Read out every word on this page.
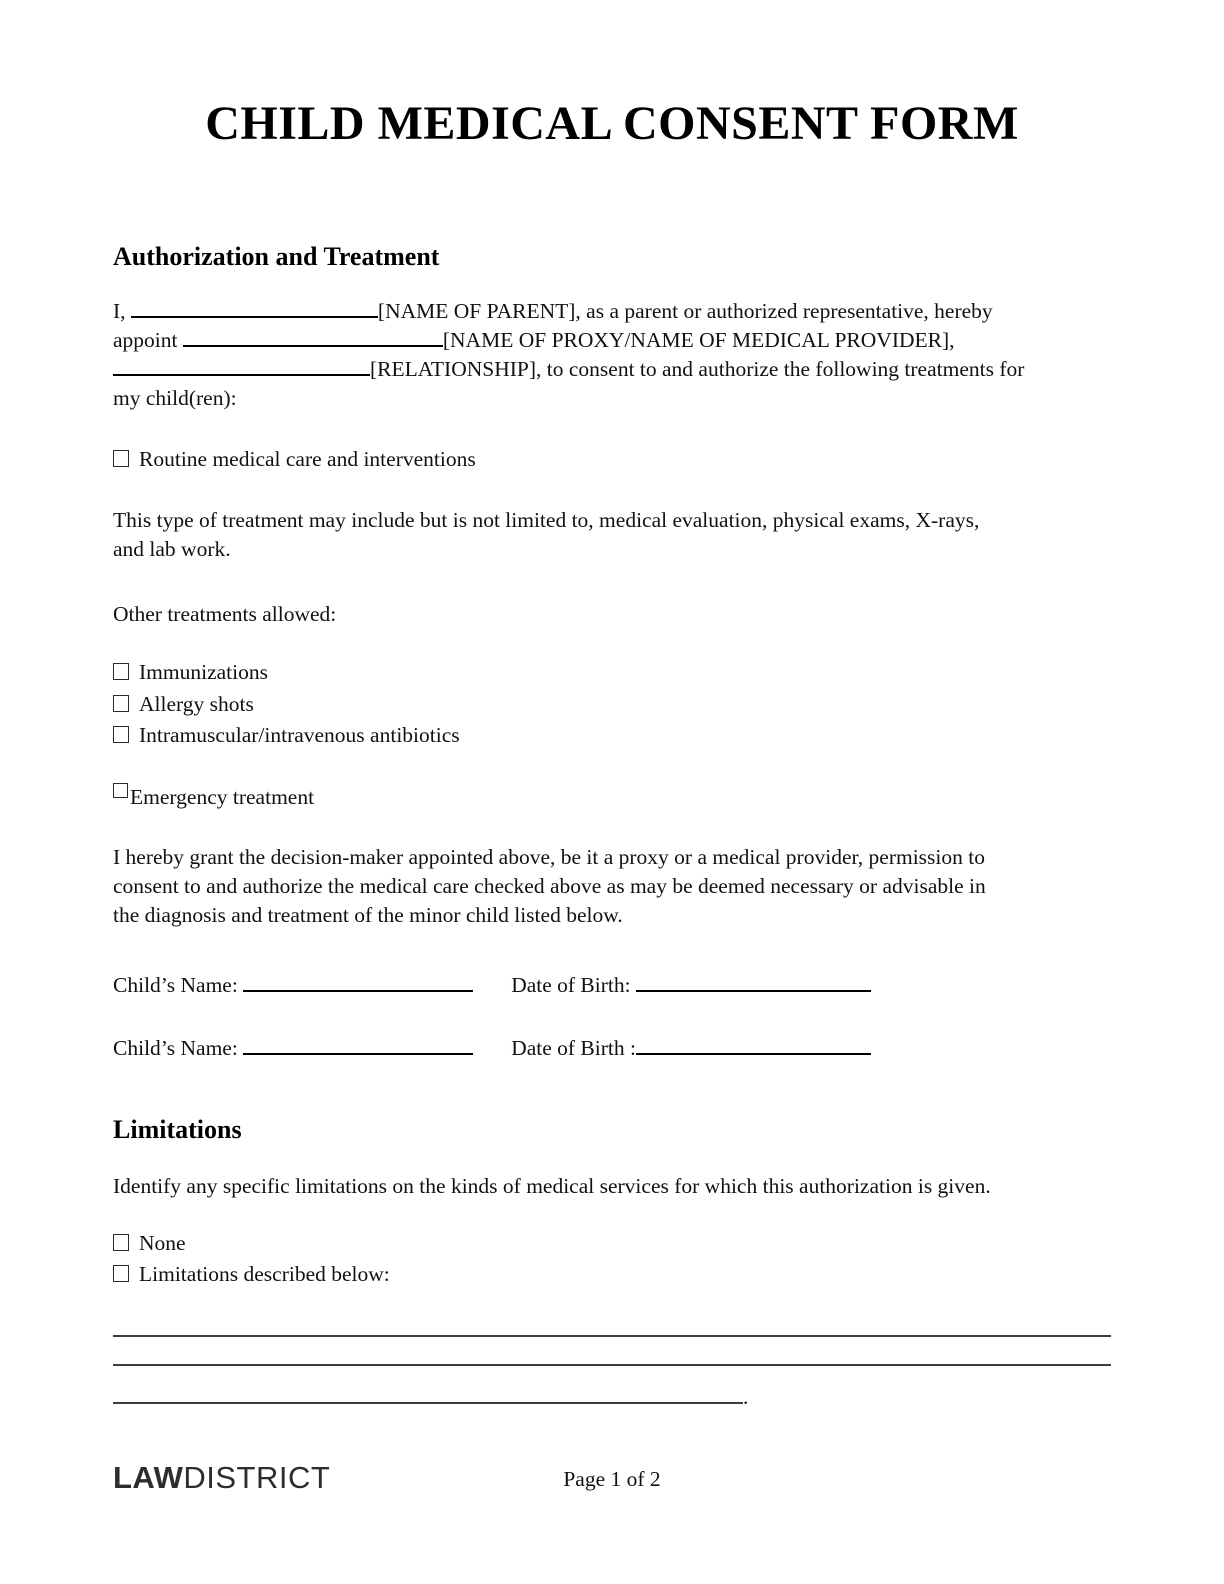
CHILD MEDICAL CONSENT FORM
Authorization and Treatment
I,	[NAME OF PARENT], as a parent or authorized representative, hereby
appoint	[NAME OF PROXY/NAME OF MEDICAL PROVIDER],
[RELATIONSHIP], to consent to and authorize the following treatments for
my child(ren):
Routine medical care and interventions
This type of treatment may include but is not limited to, medical evaluation, physical exams, X-rays,
and lab work.
Other treatments allowed:
Immunizations
Allergy shots
Intramuscular/intravenous antibiotics
Emergency treatment
I hereby grant the decision-maker appointed above, be it a proxy or a medical provider, permission to
consent to and authorize the medical care checked above as may be deemed necessary or advisable in
the diagnosis and treatment of the minor child listed below.
Child’s Name:	Date of Birth:
Child’s Name:	Date of Birth :
Limitations
Identify any specific limitations on the kinds of medical services for which this authorization is given.
None
Limitations described below:
.
LAWDISTRICT	Page 1 of 2
